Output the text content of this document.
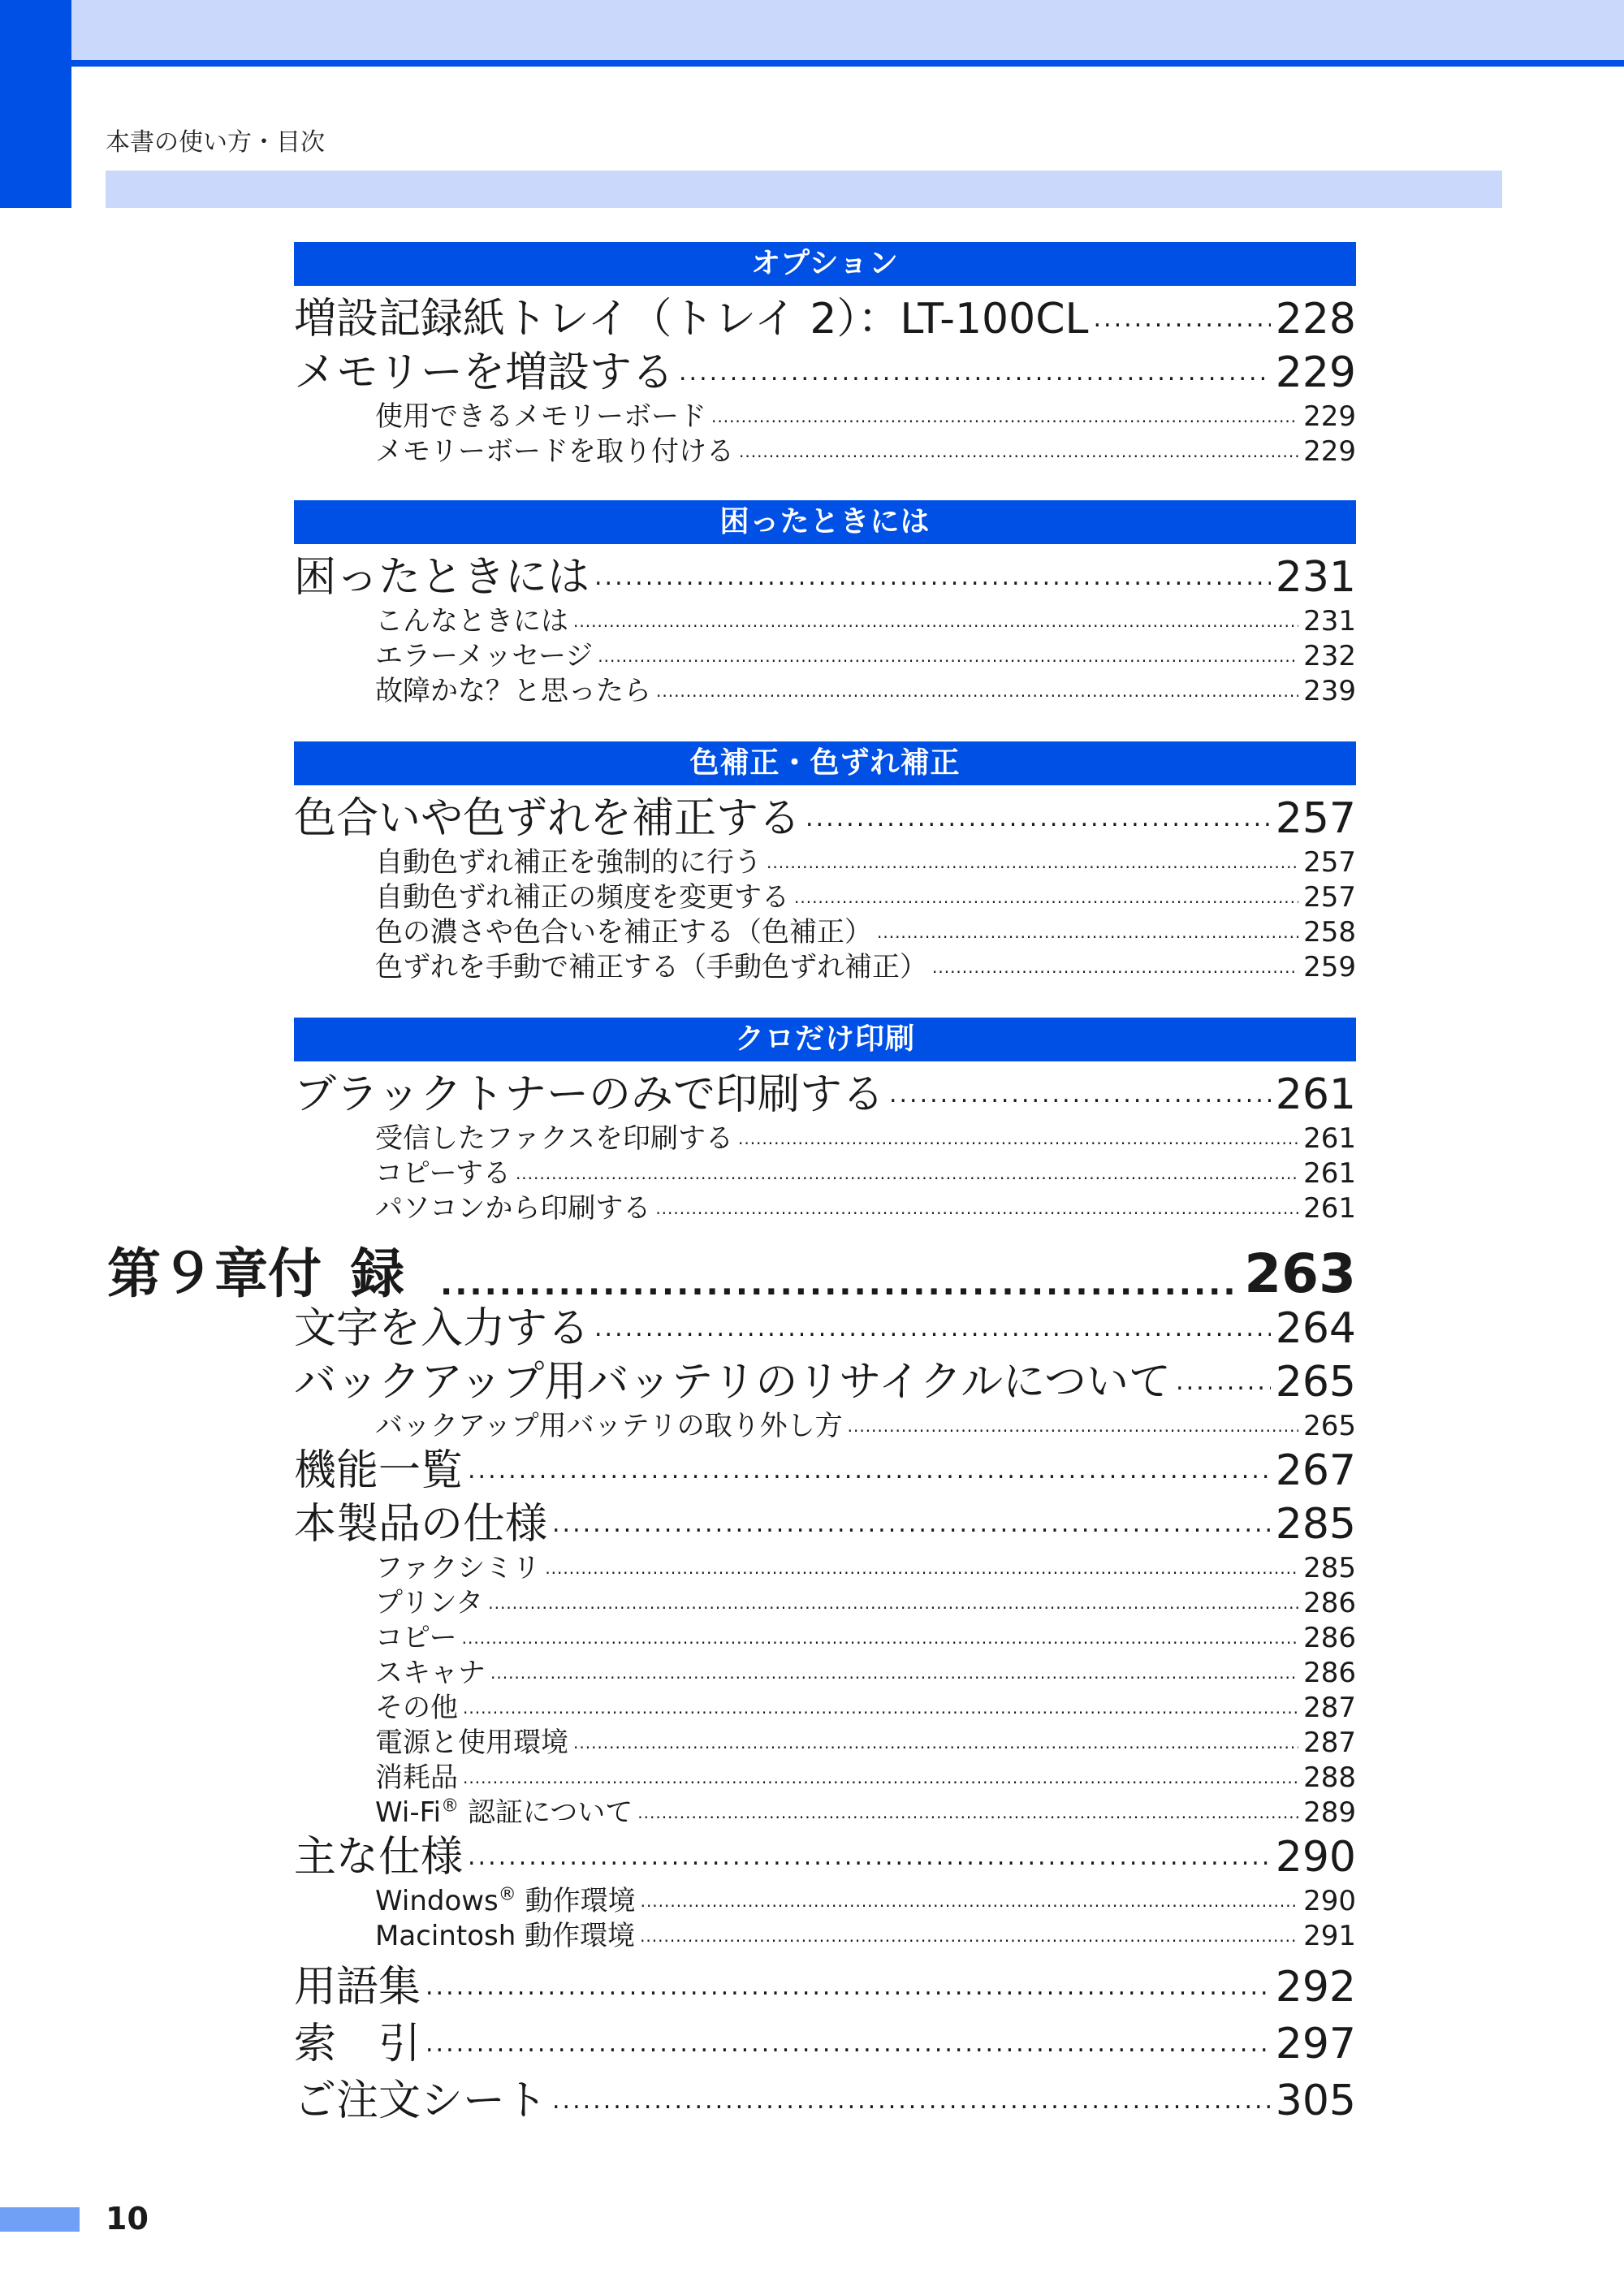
本書の使い方・目次
オプション
増設記録紙トレイ（トレイ 2）：LT-100CL .....	228
メモリーを増設する .....	229
使用できるメモリーボード .....	229
メモリーボードを取り付ける .....	229
困ったときには
困ったときには .....	231
こんなときには .....	231
エラーメッセージ .....	232
故障かな？と思ったら .....	239
色補正・色ずれ補正
色合いや色ずれを補正する .....	257
自動色ずれ補正を強制的に行う .....	257
自動色ずれ補正の頻度を変更する .....	257
色の濃さや色合いを補正する（色補正） .....	258
色ずれを手動で補正する（手動色ずれ補正） .....	259
クロだけ印刷
ブラックトナーのみで印刷する .....	261
受信したファクスを印刷する .....	261
コピーする .....	261
パソコンから印刷する .....	261
第９章 付録 .....	263
文字を入力する .....	264
バックアップ用バッテリのリサイクルについて ..... 265
バックアップ用バッテリの取り外し方 .....	265
機能一覧 .....	267
本製品の仕様 .....	285
ファクシミリ .....	285
プリンタ .....	286
コピー .....	286
スキャナ .....	286
その他 .....	287
電源と使用環境 .....	287
消耗品 .....	288
Wi-Fi® 認証について .....	289
主な仕様 .....	290
Windows® 動作環境 .....	290
Macintosh 動作環境 .....	291
用語集 .....	292
索　引 .....	297
ご注文シート .....	305
10
